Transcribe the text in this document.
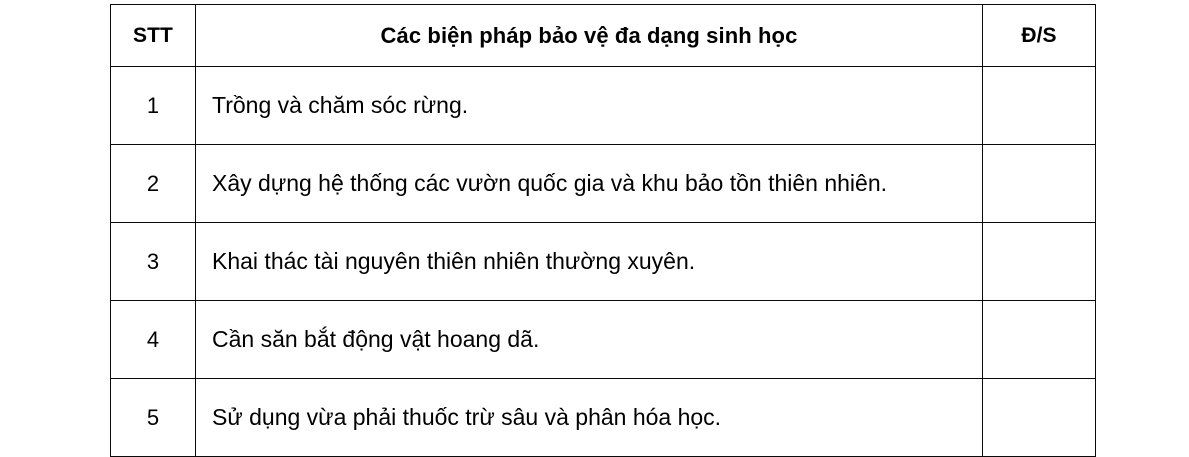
STT	Các biện pháp bảo vệ đa dạng sinh học	Đ/S
1	Trồng và chăm sóc rừng.	
2	Xây dựng hệ thống các vườn quốc gia và khu bảo tồn thiên nhiên.	
3	Khai thác tài nguyên thiên nhiên thường xuyên.	
4	Cần săn bắt động vật hoang dã.	
5	Sử dụng vừa phải thuốc trừ sâu và phân hóa học.	
